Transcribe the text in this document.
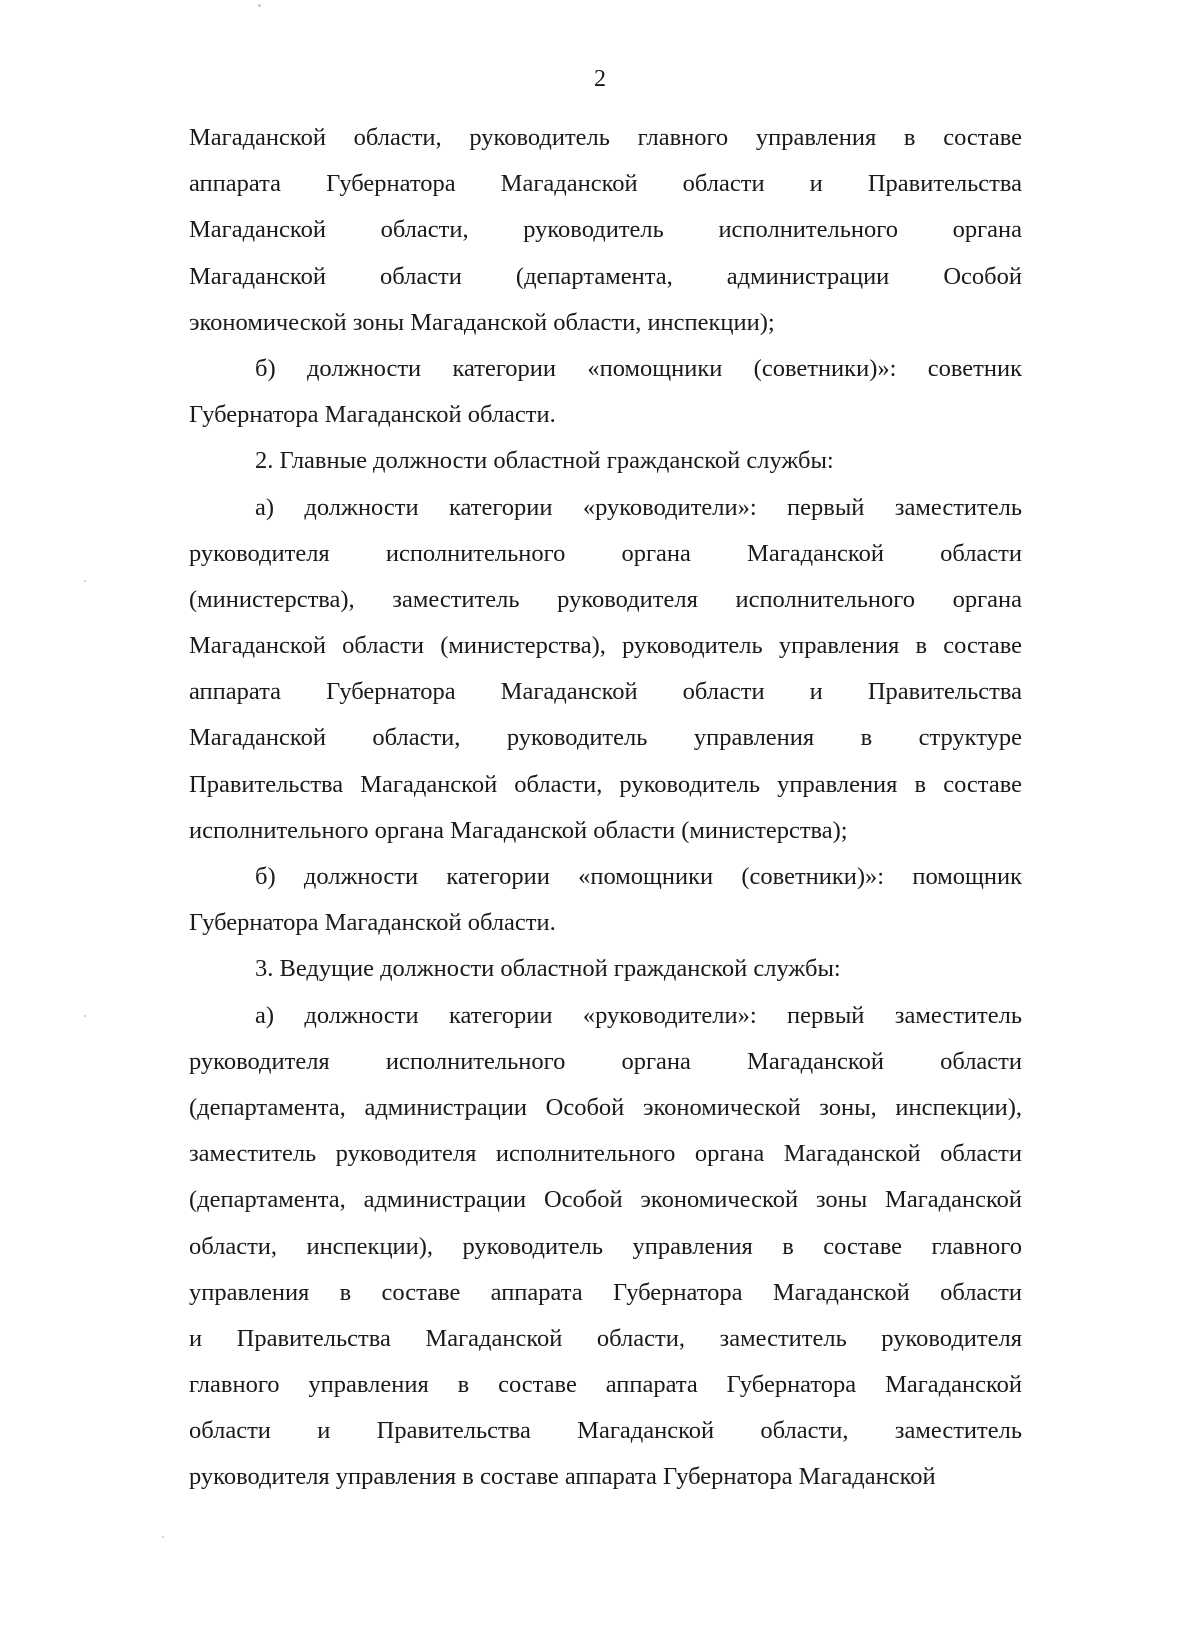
2
Магаданской области, руководитель главного управления в составе
аппарата Губернатора Магаданской области и Правительства
Магаданской области, руководитель исполнительного органа
Магаданской области (департамента, администрации Особой
экономической зоны Магаданской области, инспекции);
б) должности категории «помощники (советники)»: советник
Губернатора Магаданской области.
2. Главные должности областной гражданской службы:
а) должности категории «руководители»: первый заместитель
руководителя исполнительного органа Магаданской области
(министерства), заместитель руководителя исполнительного органа
Магаданской области (министерства), руководитель управления в составе
аппарата Губернатора Магаданской области и Правительства
Магаданской области, руководитель управления в структуре
Правительства Магаданской области, руководитель управления в составе
исполнительного органа Магаданской области (министерства);
б) должности категории «помощники (советники)»: помощник
Губернатора Магаданской области.
3. Ведущие должности областной гражданской службы:
а) должности категории «руководители»: первый заместитель
руководителя исполнительного органа Магаданской области
(департамента, администрации Особой экономической зоны, инспекции),
заместитель руководителя исполнительного органа Магаданской области
(департамента, администрации Особой экономической зоны Магаданской
области, инспекции), руководитель управления в составе главного
управления в составе аппарата Губернатора Магаданской области
и Правительства Магаданской области, заместитель руководителя
главного управления в составе аппарата Губернатора Магаданской
области и Правительства Магаданской области, заместитель
руководителя управления в составе аппарата Губернатора Магаданской
